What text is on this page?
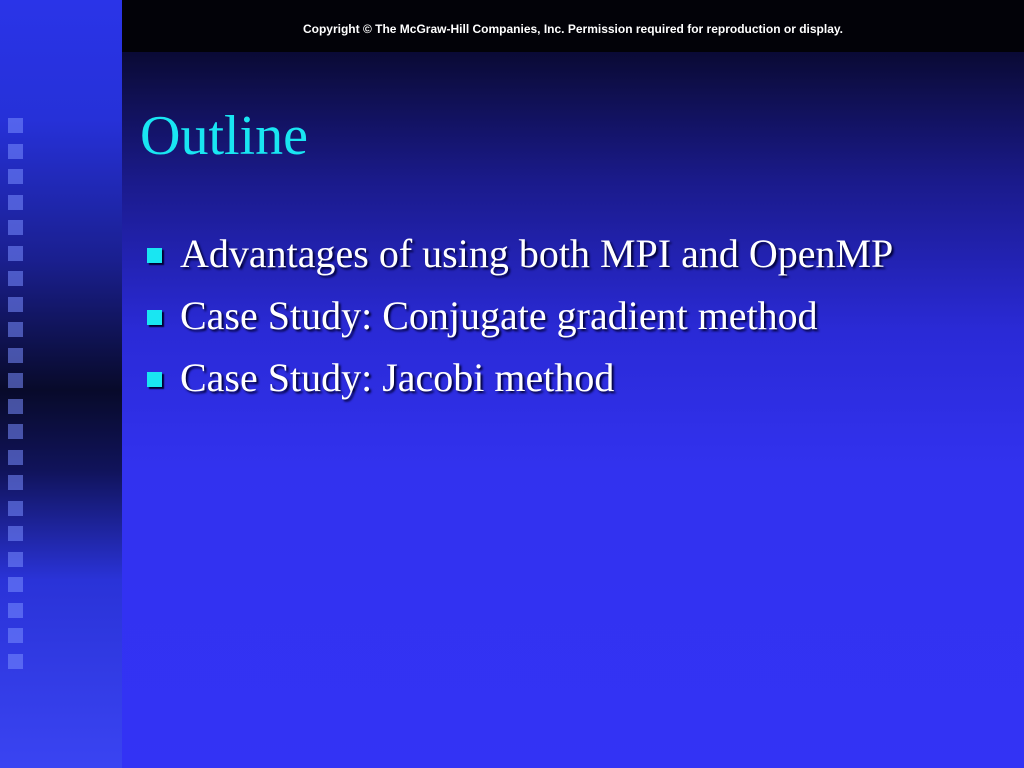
Copyright © The McGraw-Hill Companies, Inc. Permission required for reproduction or display.
Outline
Advantages of using both MPI and OpenMP
Case Study: Conjugate gradient method
Case Study: Jacobi method
